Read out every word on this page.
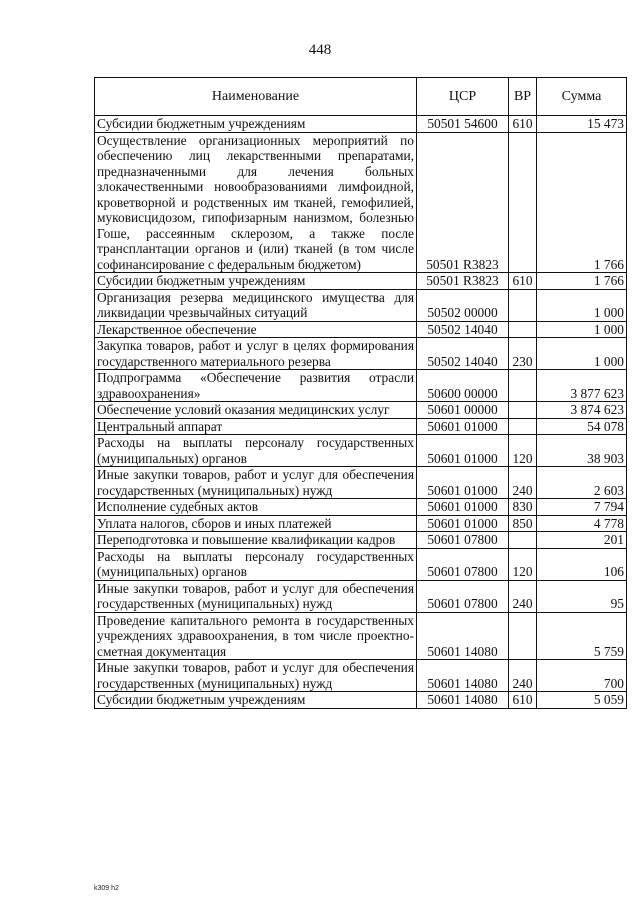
448
Наименование	ЦСР	ВР	Сумма
Субсидии бюджетным учреждениям	50501 54600	610	15 473
Осуществление организационных мероприятий по обеспечению лиц лекарственными препаратами, предназначенными для лечения больных злокачественными новообразованиями лимфоидной, кроветворной и родственных им тканей, гемофилией, муковисцидозом, гипофизарным нанизмом, болезнью Гоше, рассеянным склерозом, а также после трансплантации органов и (или) тканей (в том числе софинансирование с федеральным бюджетом)	50501 R3823		1 766
Субсидии бюджетным учреждениям	50501 R3823	610	1 766
Организация резерва медицинского имущества для ликвидации чрезвычайных ситуаций	50502 00000		1 000
Лекарственное обеспечение	50502 14040		1 000
Закупка товаров, работ и услуг в целях формирования государственного материального резерва	50502 14040	230	1 000
Подпрограмма «Обеспечение развития отрасли здравоохранения»	50600 00000		3 877 623
Обеспечение условий оказания медицинских услуг	50601 00000		3 874 623
Центральный аппарат	50601 01000		54 078
Расходы на выплаты персоналу государственных (муниципальных) органов	50601 01000	120	38 903
Иные закупки товаров, работ и услуг для обеспечения государственных (муниципальных) нужд	50601 01000	240	2 603
Исполнение судебных актов	50601 01000	830	7 794
Уплата налогов, сборов и иных платежей	50601 01000	850	4 778
Переподготовка и повышение квалификации кадров	50601 07800		201
Расходы на выплаты персоналу государственных (муниципальных) органов	50601 07800	120	106
Иные закупки товаров, работ и услуг для обеспечения государственных (муниципальных) нужд	50601 07800	240	95
Проведение капитального ремонта в государственных учреждениях здравоохранения, в том числе проектно-сметная документация	50601 14080		5 759
Иные закупки товаров, работ и услуг для обеспечения государственных (муниципальных) нужд	50601 14080	240	700
Субсидии бюджетным учреждениям	50601 14080	610	5 059
k309 h2
